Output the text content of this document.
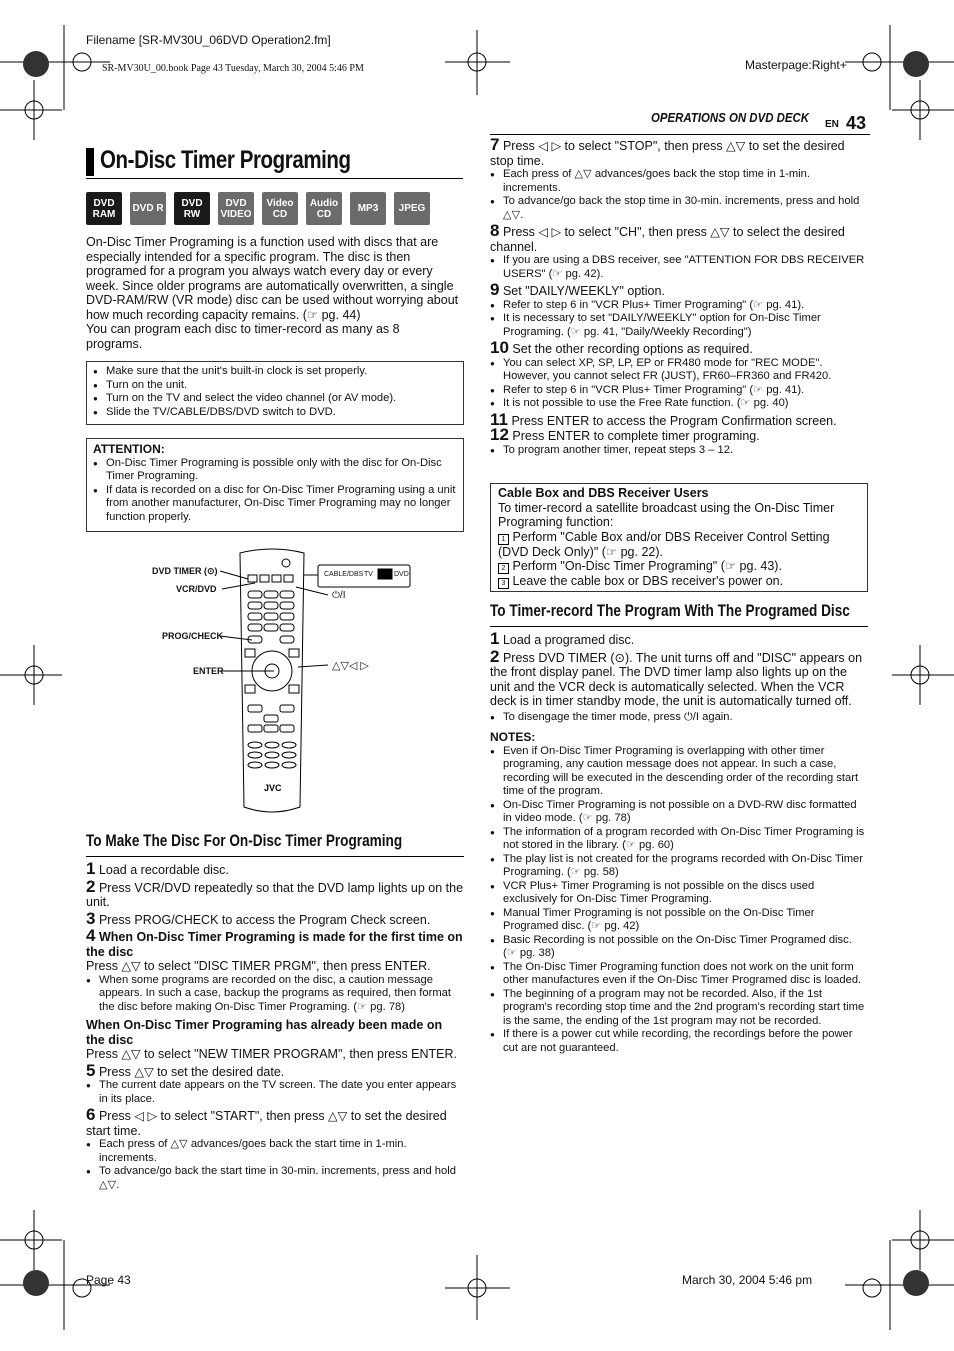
Filename [SR-MV30U_06DVD Operation2.fm]
SR-MV30U_00.book Page 43 Tuesday, March 30, 2004 5:46 PM	Masterpage:Right+
OPERATIONS ON DVD DECK EN 43
On-Disc Timer Programing
DVD RAM	DVD R	DVD RW
DVD VIDEO
Video CD
Audio CD	MP3	JPEG
On-Disc Timer Programing is a function used with discs that are especially intended for a specific program. The disc is then programed for a program you always watch every day or every week. Since older programs are automatically overwritten, a single DVD-RAM/RW (VR mode) disc can be used without worrying about how much recording capacity remains. (☞ pg. 44)
You can program each disc to timer-record as many as 8 programs.
● Make sure that the unit's built-in clock is set properly.
● Turn on the unit.
● Turn on the TV and select the video channel (or AV mode).
● Slide the TV/CABLE/DBS/DVD switch to DVD.
ATTENTION:
● On-Disc Timer Programing is possible only with the disc for On-Disc Timer Programing.
● If data is recorded on a disc for On-Disc Timer Programing using a unit from another manufacturer, On-Disc Timer Programing may no longer function properly.
DVD TIMER (⊙)
VCR/DVD
PROG/CHECK
ENTER
⏻/I
△▽◁ ▷
CABLE/DBS TV	DVD
JVC
To Make The Disc For On-Disc Timer Programing
1 Load a recordable disc.
2 Press VCR/DVD repeatedly so that the DVD lamp lights up on the unit.
3 Press PROG/CHECK to access the Program Check screen.
4 When On-Disc Timer Programing is made for the first time on the disc
Press △▽ to select "DISC TIMER PRGM", then press ENTER.
● When some programs are recorded on the disc, a caution message appears. In such a case, backup the programs as required, then format the disc before making On-Disc Timer Programing. (☞ pg. 78)
When On-Disc Timer Programing has already been made on the disc
Press △▽ to select "NEW TIMER PROGRAM", then press ENTER.
5 Press △▽ to set the desired date.
● The current date appears on the TV screen. The date you enter appears in its place.
6 Press ◁ ▷ to select "START", then press △▽ to set the desired start time.
● Each press of △▽ advances/goes back the start time in 1-min. increments.
● To advance/go back the start time in 30-min. increments, press and hold △▽.
7 Press ◁ ▷ to select "STOP", then press △▽ to set the desired stop time.
● Each press of △▽ advances/goes back the stop time in 1-min. increments.
● To advance/go back the stop time in 30-min. increments, press and hold △▽.
8 Press ◁ ▷ to select "CH", then press △▽ to select the desired channel.
● If you are using a DBS receiver, see "ATTENTION FOR DBS RECEIVER USERS" (☞ pg. 42).
9 Set "DAILY/WEEKLY" option.
● Refer to step 6 in "VCR Plus+ Timer Programing" (☞ pg. 41).
● It is necessary to set "DAILY/WEEKLY" option for On-Disc Timer Programing. (☞ pg. 41, "Daily/Weekly Recording")
10 Set the other recording options as required.
● You can select XP, SP, LP, EP or FR480 mode for "REC MODE". However, you cannot select FR (JUST), FR60–FR360 and FR420.
● Refer to step 6 in "VCR Plus+ Timer Programing" (☞ pg. 41).
● It is not possible to use the Free Rate function. (☞ pg. 40)
11 Press ENTER to access the Program Confirmation screen.
12 Press ENTER to complete timer programing.
● To program another timer, repeat steps 3 – 12.
Cable Box and DBS Receiver Users
To timer-record a satellite broadcast using the On-Disc Timer Programing function:
1 Perform "Cable Box and/or DBS Receiver Control Setting (DVD Deck Only)" (☞ pg. 22).
2 Perform "On-Disc Timer Programing" (☞ pg. 43).
3 Leave the cable box or DBS receiver's power on.
To Timer-record The Program With The Programed Disc
1 Load a programed disc.
2 Press DVD TIMER (⊙). The unit turns off and "DISC" appears on the front display panel. The DVD timer lamp also lights up on the unit and the VCR deck is automatically selected. When the VCR deck is in timer standby mode, the unit is automatically turned off.
● To disengage the timer mode, press ⏻/I again.
NOTES:
● Even if On-Disc Timer Programing is overlapping with other timer programing, any caution message does not appear. In such a case, recording will be executed in the descending order of the recording start time of the program.
● On-Disc Timer Programing is not possible on a DVD-RW disc formatted in video mode. (☞ pg. 78)
● The information of a program recorded with On-Disc Timer Programing is not stored in the library. (☞ pg. 60)
● The play list is not created for the programs recorded with On-Disc Timer Programing. (☞ pg. 58)
● VCR Plus+ Timer Programing is not possible on the discs used exclusively for On-Disc Timer Programing.
● Manual Timer Programing is not possible on the On-Disc Timer Programed disc. (☞ pg. 42)
● Basic Recording is not possible on the On-Disc Timer Programed disc. (☞ pg. 38)
● The On-Disc Timer Programing function does not work on the unit form other manufactures even if the On-Disc Timer Programed disc is loaded.
● The beginning of a program may not be recorded. Also, if the 1st program's recording stop time and the 2nd program's recording start time is the same, the ending of the 1st program may not be recorded.
● If there is a power cut while recording, the recordings before the power cut are not guaranteed.
Page 43	March 30, 2004 5:46 pm
